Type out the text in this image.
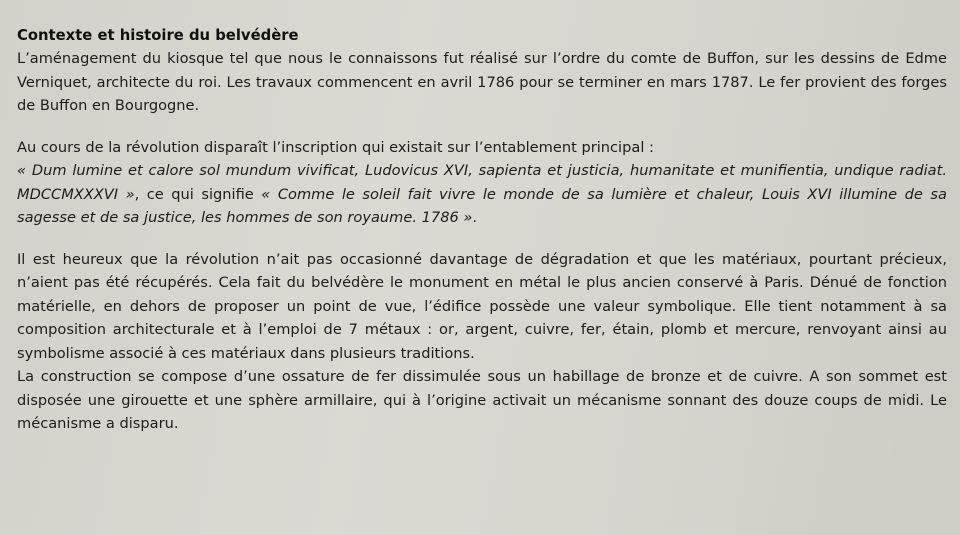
Contexte et histoire du belvédère

L’aménagement du kiosque tel que nous le connaissons fut réalisé sur l’ordre du comte de Buffon, sur les dessins de Edme Verniquet, architecte du roi. Les travaux commencent en avril 1786 pour se terminer en mars 1787. Le fer provient des forges de Buffon en Bourgogne.

Au cours de la révolution disparaît l’inscription qui existait sur l’entablement principal :
« Dum lumine et calore sol mundum vivificat, Ludovicus XVI, sapienta et justicia, humanitate et munifientia, undique radiat. MDCCMXXXVI », ce qui signifie « Comme le soleil fait vivre le monde de sa lumière et chaleur, Louis XVI illumine de sa sagesse et de sa justice, les hommes de son royaume. 1786 ».

Il est heureux que la révolution n’ait pas occasionné davantage de dégradation et que les matériaux, pourtant précieux, n’aient pas été récupérés. Cela fait du belvédère le monument en métal le plus ancien conservé à Paris. Dénué de fonction matérielle, en dehors de proposer un point de vue, l’édifice possède une valeur symbolique. Elle tient notamment à sa composition architecturale et à l’emploi de 7 métaux : or, argent, cuivre, fer, étain, plomb et mercure, renvoyant ainsi au symbolisme associé à ces matériaux dans plusieurs traditions.

La construction se compose d’une ossature de fer dissimulée sous un habillage de bronze et de cuivre. A son sommet est disposée une girouette et une sphère armillaire, qui à l’origine activait un mécanisme sonnant des douze coups de midi. Le mécanisme a disparu.
